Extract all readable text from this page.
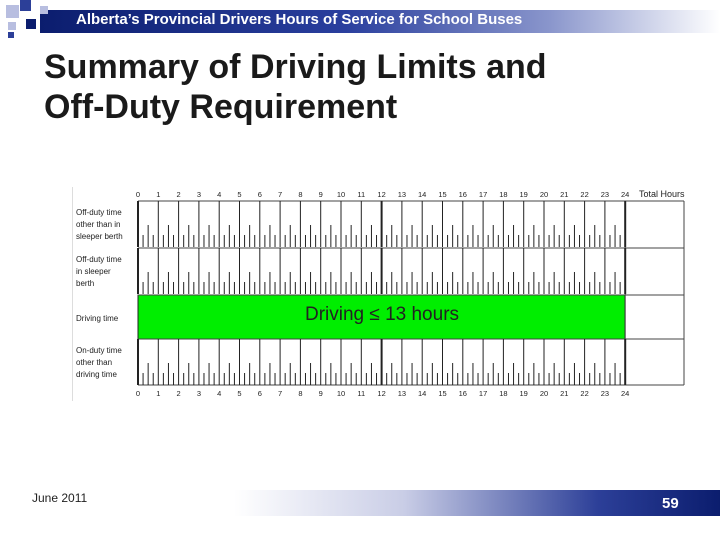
Alberta’s Provincial Drivers Hours of Service for School Buses
Summary of Driving Limits and
Off-Duty Requirement
0 1 2 3 4 5 6 7 8 9 10 11 12 13 14 15 16 17 18 19 20 21 22 23 24
0 1 2 3 4 5 6 7 8 9 10 11 12 13 14 15 16 17 18 19 20 21 22 23 24
Off-duty time
other than in
sleeper berth
Off-duty time
in sleeper
berth
Driving time
On-duty time
other than
driving time
Total Hours
Driving ≤ 13 hours
June 2011	59
